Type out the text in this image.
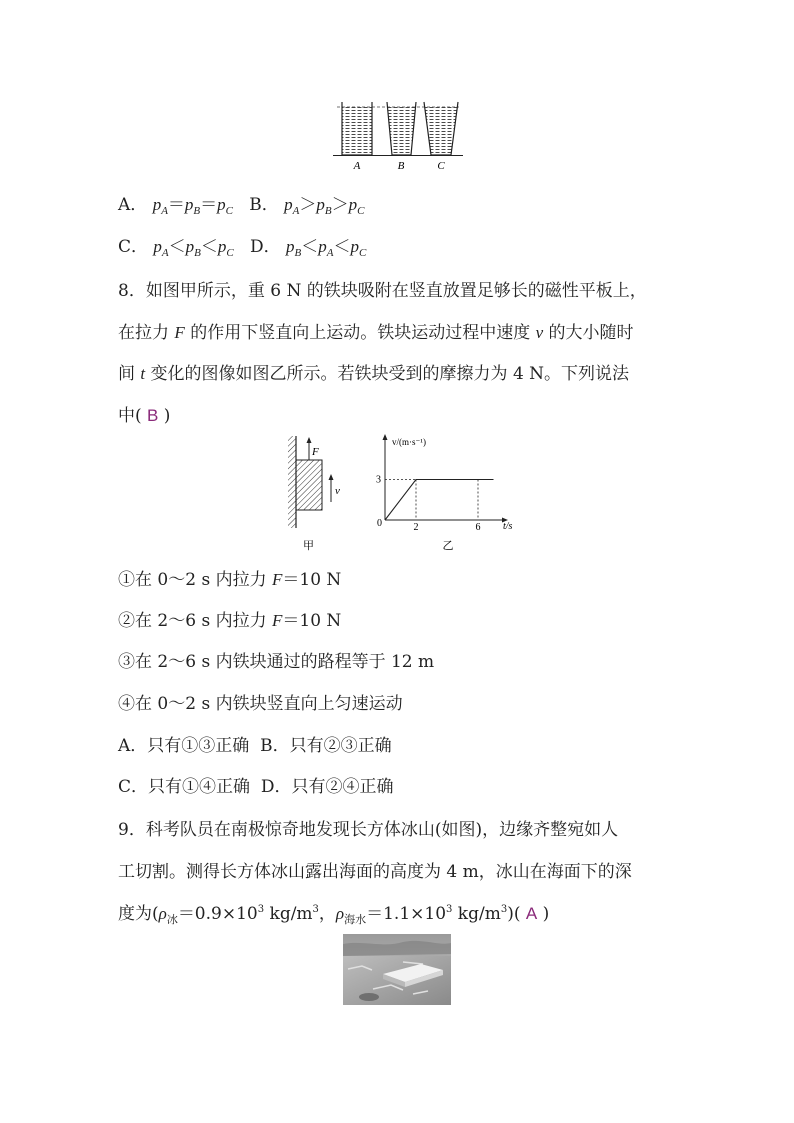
A	B	C
A． $p_A=p_B=p_C$ B． $p_A>p_B>p_C$
C． $p_A<p_B<p_C$ D． $p_B<p_A<p_C$
8．如图甲所示，重 6 N 的铁块吸附在竖直放置足够长的磁性平板上，
在拉力 F 的作用下竖直向上运动。铁块运动过程中速度 v 的大小随时
间 t 变化的图像如图乙所示。若铁块受到的摩擦力为 4 N。下列说法
中( B )
F
v
甲
v/(m·s⁻¹)
t/s
0	2	6
3
乙
①在 0～2 s 内拉力 F＝10 N
②在 2～6 s 内拉力 F＝10 N
③在 2～6 s 内铁块通过的路程等于 12 m
④在 0～2 s 内铁块竖直向上匀速运动
A．只有①③正确 B．只有②③正确
C．只有①④正确 D．只有②④正确
9．科考队员在南极惊奇地发现长方体冰山(如图)，边缘齐整宛如人
工切割。测得长方体冰山露出海面的高度为 4 m，冰山在海面下的深
度为($\rho_冰=0.9\times 10^3$ $kg/m^3$，$\rho_{海水}=1.1\times 10^3$ $kg/m^3$)( A )
